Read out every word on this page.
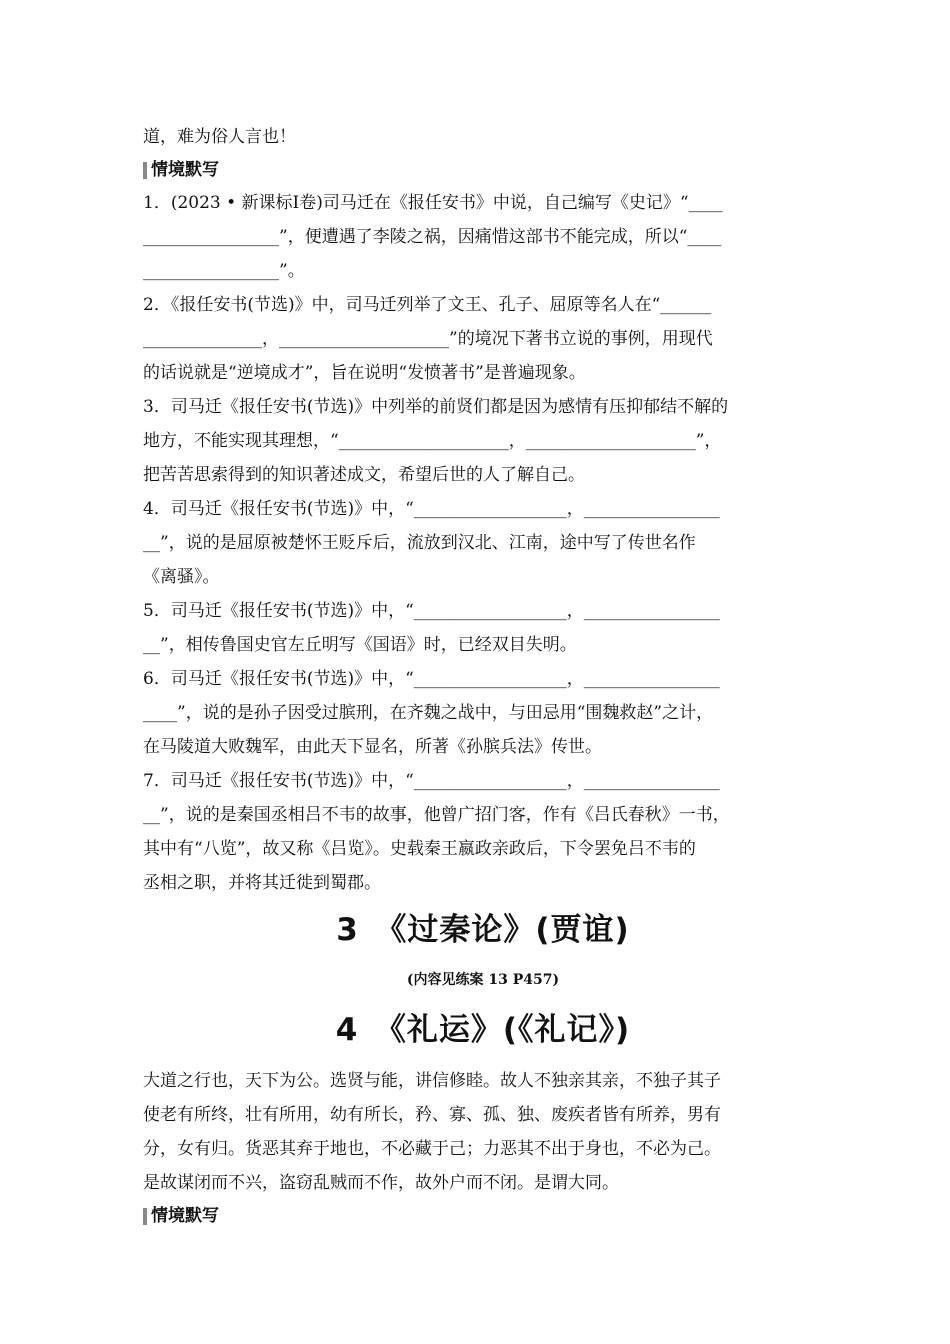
道，难为俗人言也！
情境默写
1．(2023 • 新课标Ⅰ卷)司马迁在《报任安书》中说，自己编写《史记》“____
________________”，便遭遇了李陵之祸，因痛惜这部书不能完成，所以“____
________________”。
2．《报任安书(节选)》中，司马迁列举了文王、孔子、屈原等名人在“______
______________，____________________”的境况下著书立说的事例，用现代
的话说就是“逆境成才”，旨在说明“发愤著书”是普遍现象。
3．司马迁《报任安书(节选)》中列举的前贤们都是因为感情有压抑郁结不解的
地方，不能实现其理想，“____________________，____________________”，
把苦苦思索得到的知识著述成文，希望后世的人了解自己。
4．司马迁《报任安书(节选)》中，“__________________，________________
__”，说的是屈原被楚怀王贬斥后，流放到汉北、江南，途中写了传世名作
《离骚》。
5．司马迁《报任安书(节选)》中，“__________________，________________
__”，相传鲁国史官左丘明写《国语》时，已经双目失明。
6．司马迁《报任安书(节选)》中，“__________________，________________
____”，说的是孙子因受过膑刑，在齐魏之战中，与田忌用“围魏救赵”之计，
在马陵道大败魏军，由此天下显名，所著《孙膑兵法》传世。
7．司马迁《报任安书(节选)》中，“__________________，________________
__”，说的是秦国丞相吕不韦的故事，他曾广招门客，作有《吕氏春秋》一书，
其中有“八览”，故又称《吕览》。史载秦王嬴政亲政后，下令罢免吕不韦的
丞相之职，并将其迁徙到蜀郡。
3　《过秦论》(贾谊)
(内容见练案 13 P457)
4　《礼运》(《礼记》)
大道之行也，天下为公。选贤与能，讲信修睦。故人不独亲其亲，不独子其子
使老有所终，壮有所用，幼有所长，矜、寡、孤、独、废疾者皆有所养，男有
分，女有归。货恶其弃于地也，不必藏于己；力恶其不出于身也，不必为己。
是故谋闭而不兴，盗窃乱贼而不作，故外户而不闭。是谓大同。
情境默写
